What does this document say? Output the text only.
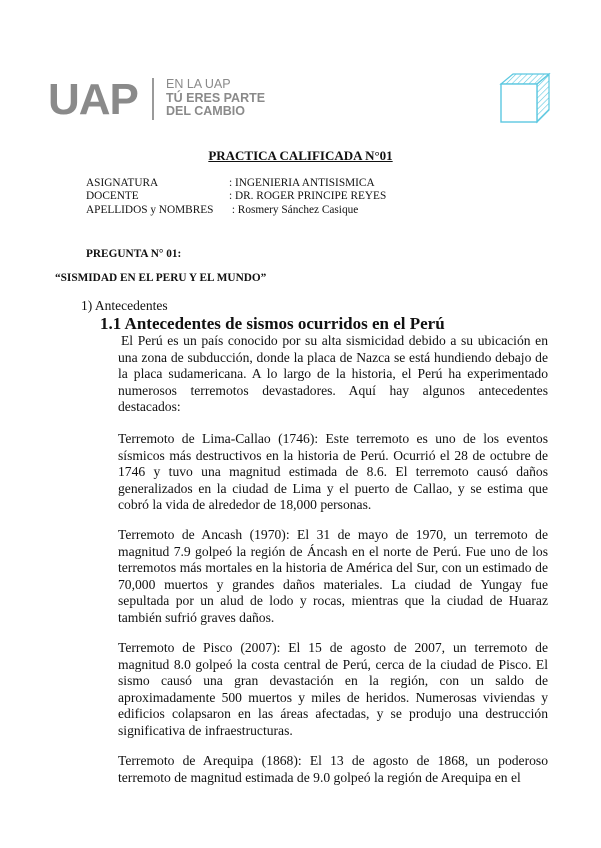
UAP EN LA UAP
TÚ ERES PARTE
DEL CAMBIO
PRACTICA CALIFICADA N°01
ASIGNATURA	: INGENIERIA ANTISISMICA
DOCENTE	: DR. ROGER PRINCIPE REYES
APELLIDOS y NOMBRES	: Rosmery Sánchez Casique
PREGUNTA N° 01:
“SISMIDAD EN EL PERU Y EL MUNDO”
1) Antecedentes
1.1 Antecedentes de sismos ocurridos en el Perú

El Perú es un país conocido por su alta sismicidad debido a su ubicación en una zona de subducción, donde la placa de Nazca se está hundiendo debajo de la placa sudamericana. A lo largo de la historia, el Perú ha experimentado numerosos terremotos devastadores. Aquí hay algunos antecedentes destacados:

Terremoto de Lima-Callao (1746): Este terremoto es uno de los eventos sísmicos más destructivos en la historia de Perú. Ocurrió el 28 de octubre de 1746 y tuvo una magnitud estimada de 8.6. El terremoto causó daños generalizados en la ciudad de Lima y el puerto de Callao, y se estima que cobró la vida de alrededor de 18,000 personas.

Terremoto de Ancash (1970): El 31 de mayo de 1970, un terremoto de magnitud 7.9 golpeó la región de Áncash en el norte de Perú. Fue uno de los terremotos más mortales en la historia de América del Sur, con un estimado de 70,000 muertos y grandes daños materiales. La ciudad de Yungay fue sepultada por un alud de lodo y rocas, mientras que la ciudad de Huaraz también sufrió graves daños.

Terremoto de Pisco (2007): El 15 de agosto de 2007, un terremoto de magnitud 8.0 golpeó la costa central de Perú, cerca de la ciudad de Pisco. El sismo causó una gran devastación en la región, con un saldo de aproximadamente 500 muertos y miles de heridos. Numerosas viviendas y edificios colapsaron en las áreas afectadas, y se produjo una destrucción significativa de infraestructuras.

Terremoto de Arequipa (1868): El 13 de agosto de 1868, un poderoso terremoto de magnitud estimada de 9.0 golpeó la región de Arequipa en el
